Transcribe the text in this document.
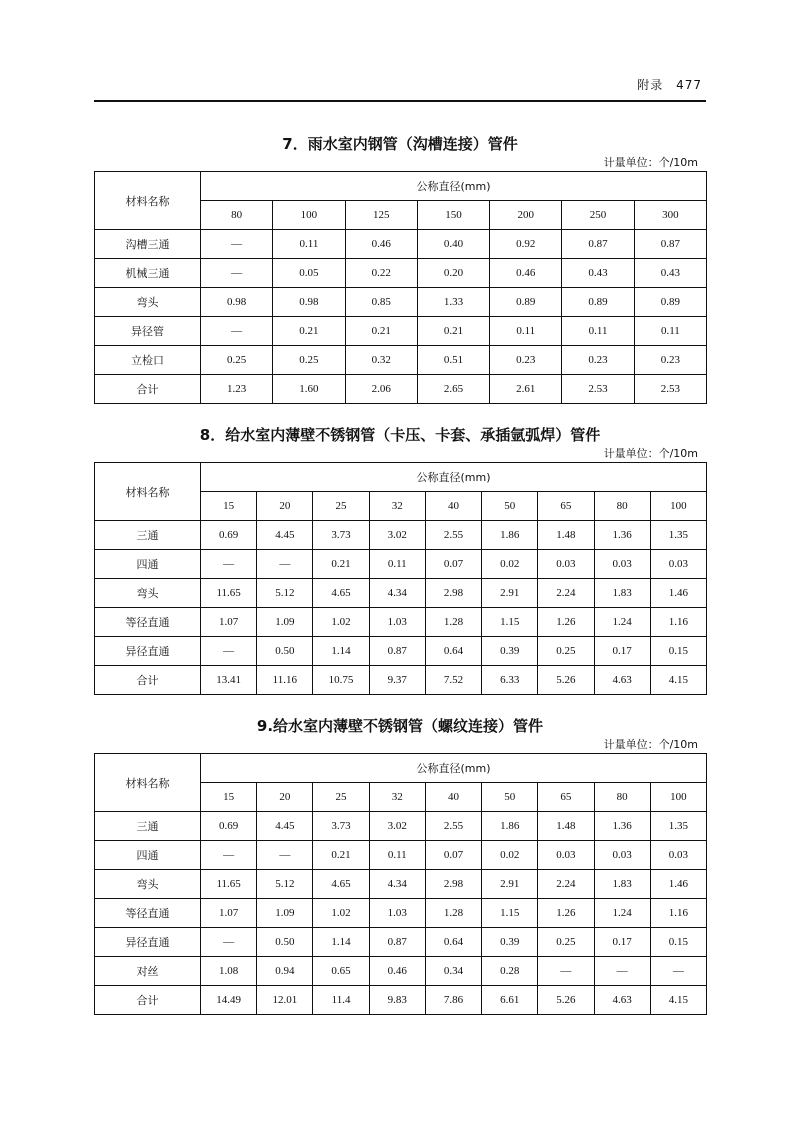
附录 477
7．雨水室内钢管（沟槽连接）管件
计量单位：个/10m
材料名称	公称直径(mm)						
	80	100	125	150	200	250	300
沟槽三通	—	0.11	0.46	0.40	0.92	0.87	0.87
机械三通	—	0.05	0.22	0.20	0.46	0.43	0.43
弯头	0.98	0.98	0.85	1.33	0.89	0.89	0.89
异径管	—	0.21	0.21	0.21	0.11	0.11	0.11
立检口	0.25	0.25	0.32	0.51	0.23	0.23	0.23
合计	1.23	1.60	2.06	2.65	2.61	2.53	2.53
8．给水室内薄壁不锈钢管（卡压、卡套、承插氩弧焊）管件
计量单位：个/10m
材料名称	公称直径(mm)								
	15	20	25	32	40	50	65	80	100
三通	0.69	4.45	3.73	3.02	2.55	1.86	1.48	1.36	1.35
四通	—	—	0.21	0.11	0.07	0.02	0.03	0.03	0.03
弯头	11.65	5.12	4.65	4.34	2.98	2.91	2.24	1.83	1.46
等径直通	1.07	1.09	1.02	1.03	1.28	1.15	1.26	1.24	1.16
异径直通	—	0.50	1.14	0.87	0.64	0.39	0.25	0.17	0.15
合计	13.41	11.16	10.75	9.37	7.52	6.33	5.26	4.63	4.15
9.给水室内薄壁不锈钢管（螺纹连接）管件
计量单位：个/10m
材料名称	公称直径(mm)								
	15	20	25	32	40	50	65	80	100
三通	0.69	4.45	3.73	3.02	2.55	1.86	1.48	1.36	1.35
四通	—	—	0.21	0.11	0.07	0.02	0.03	0.03	0.03
弯头	11.65	5.12	4.65	4.34	2.98	2.91	2.24	1.83	1.46
等径直通	1.07	1.09	1.02	1.03	1.28	1.15	1.26	1.24	1.16
异径直通	—	0.50	1.14	0.87	0.64	0.39	0.25	0.17	0.15
对丝	1.08	0.94	0.65	0.46	0.34	0.28	—	—	—
合计	14.49	12.01	11.4	9.83	7.86	6.61	5.26	4.63	4.15
